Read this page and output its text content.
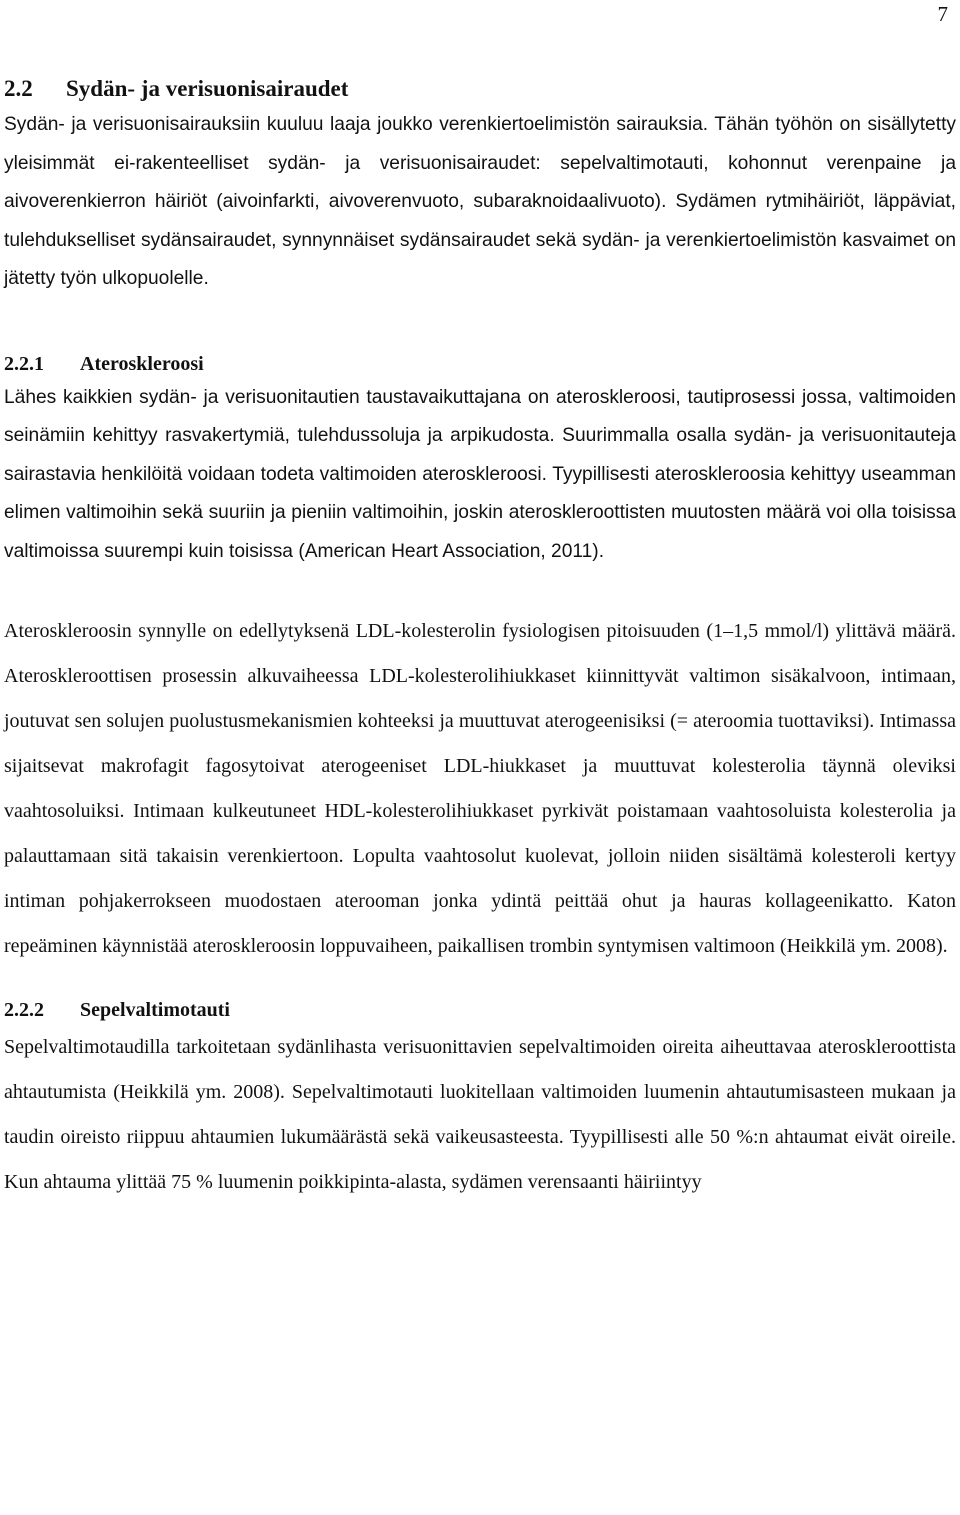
7
2.2 Sydän- ja verisuonisairaudet

Sydän- ja verisuonisairauksiin kuuluu laaja joukko verenkiertoelimistön sairauksia. Tähän työhön on sisällytetty yleisimmät ei-rakenteelliset sydän- ja verisuonisairaudet: sepelvaltimotauti, kohonnut verenpaine ja aivoverenkierron häiriöt (aivoinfarkti, aivoverenvuoto, subaraknoidaalivuoto). Sydämen rytmihäiriöt, läppäviat, tulehdukselliset sydänsairaudet, synnynnäiset sydänsairaudet sekä sydän- ja verenkiertoelimistön kasvaimet on jätetty työn ulkopuolelle.

2.2.1 Ateroskleroosi

Lähes kaikkien sydän- ja verisuonitautien taustavaikuttajana on ateroskleroosi, tautiprosessi jossa, valtimoiden seinämiin kehittyy rasvakertymiä, tulehdussoluja ja arpikudosta. Suurimmalla osalla sydän- ja verisuonitauteja sairastavia henkilöitä voidaan todeta valtimoiden ateroskleroosi. Tyypillisesti ateroskleroosia kehittyy useamman elimen valtimoihin sekä suuriin ja pieniin valtimoihin, joskin ateroskleroottisten muutosten määrä voi olla toisissa valtimoissa suurempi kuin toisissa (American Heart Association, 2011).

Ateroskleroosin synnylle on edellytyksenä LDL-kolesterolin fysiologisen pitoisuuden (1–1,5 mmol/l) ylittävä määrä. Ateroskleroottisen prosessin alkuvaiheessa LDL-kolesterolihiukkaset kiinnittyvät valtimon sisäkalvoon, intimaan, joutuvat sen solujen puolustusmekanismien kohteeksi ja muuttuvat aterogeenisiksi (= ateroomia tuottaviksi). Intimassa sijaitsevat makrofagit fagosytoivat aterogeeniset LDL-hiukkaset ja muuttuvat kolesterolia täynnä oleviksi vaahtosoluiksi. Intimaan kulkeutuneet HDL-kolesterolihiukkaset pyrkivät poistamaan vaahtosoluista kolesterolia ja palauttamaan sitä takaisin verenkiertoon. Lopulta vaahtosolut kuolevat, jolloin niiden sisältämä kolesteroli kertyy intiman pohjakerrokseen muodostaen aterooman jonka ydintä peittää ohut ja hauras kollageenikatto. Katon repeäminen käynnistää ateroskleroosin loppuvaiheen, paikallisen trombin syntymisen valtimoon (Heikkilä ym. 2008).

2.2.2 Sepelvaltimotauti

Sepelvaltimotaudilla tarkoitetaan sydänlihasta verisuonittavien sepelvaltimoiden oireita aiheuttavaa ateroskleroottista ahtautumista (Heikkilä ym. 2008). Sepelvaltimotauti luokitellaan valtimoiden luumenin ahtautumisasteen mukaan ja taudin oireisto riippuu ahtaumien lukumäärästä sekä vaikeusasteesta. Tyypillisesti alle 50 %:n ahtaumat eivät oireile. Kun ahtauma ylittää 75 % luumenin poikkipinta-alasta, sydämen verensaanti häiriintyy
